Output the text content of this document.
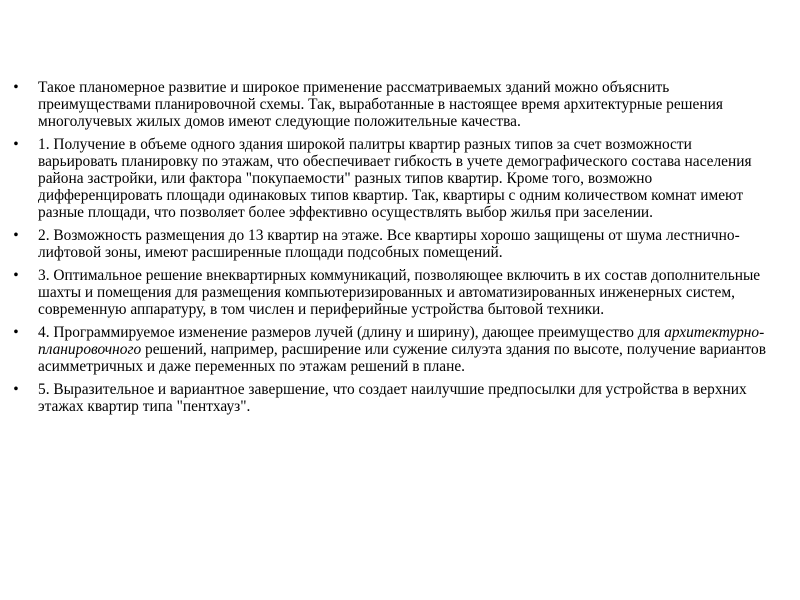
• Такое планомерное развитие и широкое применение рассматриваемых зданий можно объяснить преимуществами планировочной схемы. Так, выработанные в настоящее время архитектурные решения многолучевых жилых домов имеют следующие положительные качества.
• 1. Получение в объеме одного здания широкой палитры квартир разных типов за счет возможности варьировать планировку по этажам, что обеспечивает гибкость в учете демографического состава населения района застройки, или фактора "покупаемости" разных типов квартир. Кроме того, возможно дифференцировать площади одинаковых типов квартир. Так, квартиры с одним количеством комнат имеют разные площади, что позволяет более эффективно осуществлять выбор жилья при заселении.
• 2. Возможность размещения до 13 квартир на этаже. Все квартиры хорошо защищены от шума лестнично-лифтовой зоны, имеют расширенные площади подсобных помещений.
• 3. Оптимальное решение внеквартирных коммуникаций, позволяющее включить в их состав дополнительные шахты и помещения для размещения компьютеризированных и автоматизированных инженерных систем, современную аппаратуру, в том числен и периферийные устройства бытовой техники.
• 4. Программируемое изменение размеров лучей (длину и ширину), дающее преимущество для архитектурно-планировочного решений, например, расширение или сужение силуэта здания по высоте, получение вариантов асимметричных и даже переменных по этажам решений в плане.
• 5. Выразительное и вариантное завершение, что создает наилучшие предпосылки для устройства в верхних этажах квартир типа "пентхауз".
